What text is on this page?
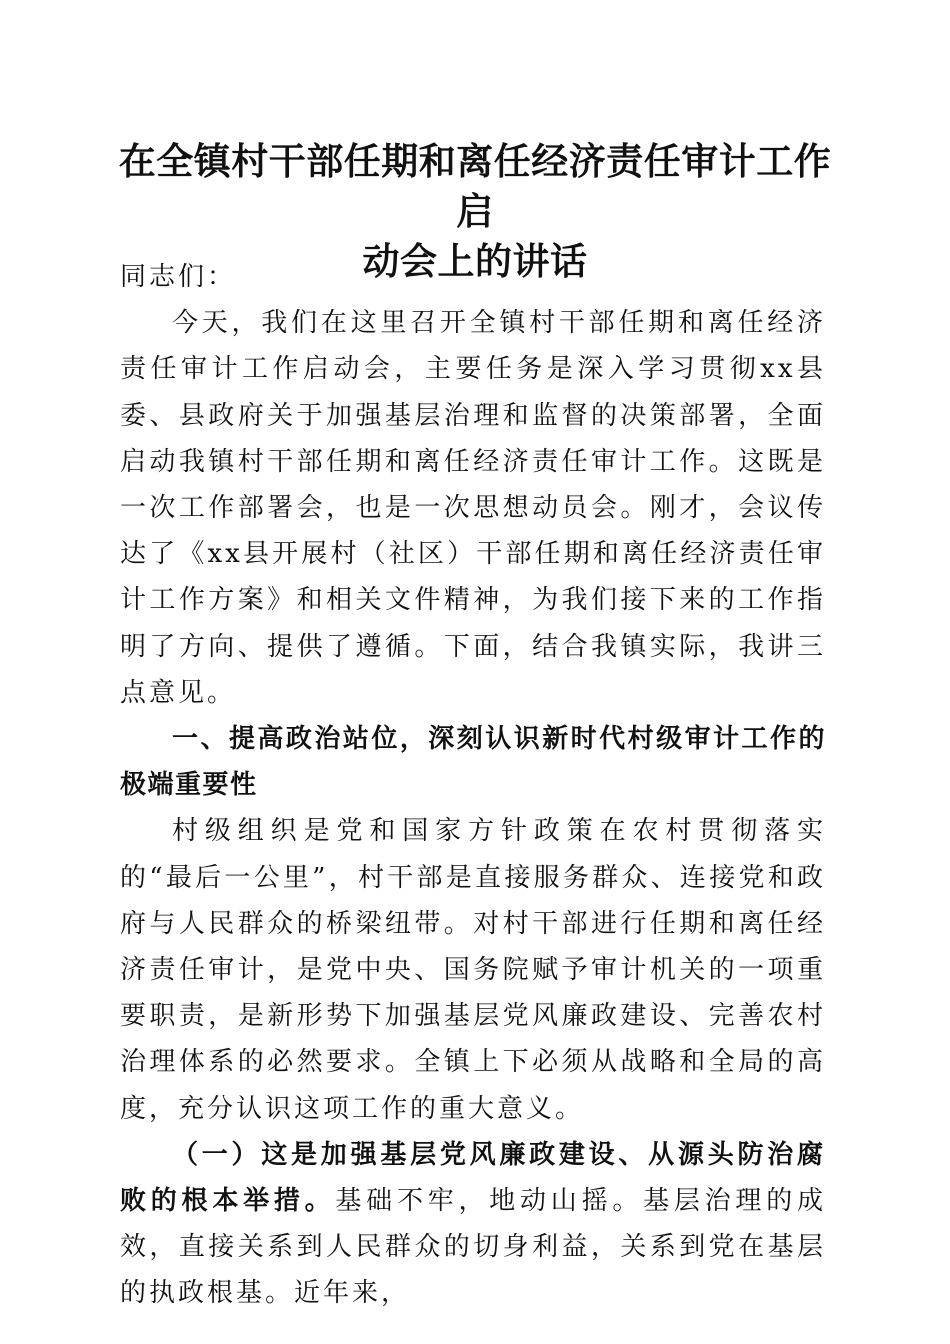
在全镇村干部任期和离任经济责任审计工作启
动会上的讲话

同志们：

今天，我们在这里召开全镇村干部任期和离任经济责任审计工作启动会，主要任务是深入学习贯彻xx县委、县政府关于加强基层治理和监督的决策部署，全面启动我镇村干部任期和离任经济责任审计工作。这既是一次工作部署会，也是一次思想动员会。刚才，会议传达了《xx县开展村（社区）干部任期和离任经济责任审计工作方案》和相关文件精神，为我们接下来的工作指明了方向、提供了遵循。下面，结合我镇实际，我讲三点意见。

一、提高政治站位，深刻认识新时代村级审计工作的极端重要性

村级组织是党和国家方针政策在农村贯彻落实的“最后一公里”，村干部是直接服务群众、连接党和政府与人民群众的桥梁纽带。对村干部进行任期和离任经济责任审计，是党中央、国务院赋予审计机关的一项重要职责，是新形势下加强基层党风廉政建设、完善农村治理体系的必然要求。全镇上下必须从战略和全局的高度，充分认识这项工作的重大意义。

（一）这是加强基层党风廉政建设、从源头防治腐败的根本举措。基础不牢，地动山摇。基层治理的成效，直接关系到人民群众的切身利益，关系到党在基层的执政根基。近年来，
